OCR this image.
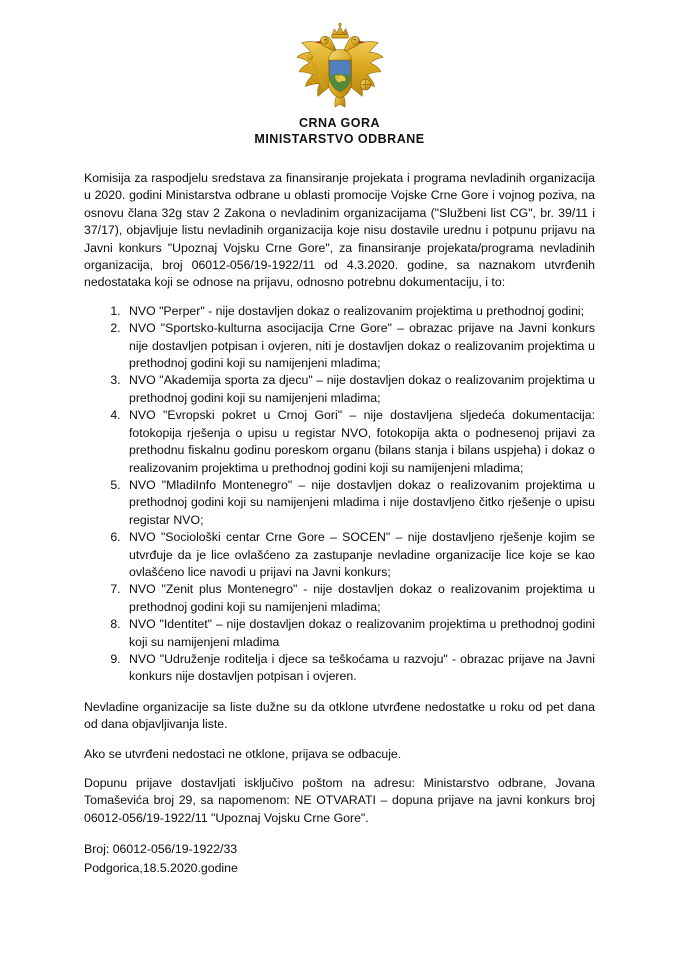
CRNA GORA
MINISTARSTVO ODBRANE

Komisija za raspodjelu sredstava za finansiranje projekata i programa nevladinih organizacija u 2020. godini Ministarstva odbrane u oblasti promocije Vojske Crne Gore i vojnog poziva, na osnovu člana 32g stav 2 Zakona o nevladinim organizacijama ("Službeni list CG", br. 39/11 i 37/17), objavljuje listu nevladinih organizacija koje nisu dostavile urednu i potpunu prijavu na Javni konkurs "Upoznaj Vojsku Crne Gore", za finansiranje projekata/programa nevladinih organizacija, broj 06012-056/19-1922/11 od 4.3.2020. godine, sa naznakom utvrđenih nedostataka koji se odnose na prijavu, odnosno potrebnu dokumentaciju, i to:

1. NVO "Perper" - nije dostavljen dokaz o realizovanim projektima u prethodnoj godini;
2. NVO "Sportsko-kulturna asocijacija Crne Gore" – obrazac prijave na Javni konkurs nije dostavljen potpisan i ovjeren, niti je dostavljen dokaz o realizovanim projektima u prethodnoj godini koji su namijenjeni mladima;
3. NVO "Akademija sporta za djecu" – nije dostavljen dokaz o realizovanim projektima u prethodnoj godini koji su namijenjeni mladima;
4. NVO "Evropski pokret u Crnoj Gori" – nije dostavljena sljedeća dokumentacija: fotokopija rješenja o upisu u registar NVO, fotokopija akta o podnesenoj prijavi za prethodnu fiskalnu godinu poreskom organu (bilans stanja i bilans uspjeha) i dokaz o realizovanim projektima u prethodnoj godini koji su namijenjeni mladima;
5. NVO "MladiInfo Montenegro" – nije dostavljen dokaz o realizovanim projektima u prethodnoj godini koji su namijenjeni mladima i nije dostavljeno čitko rješenje o upisu registar NVO;
6. NVO "Sociološki centar Crne Gore – SOCEN" – nije dostavljeno rješenje kojim se utvrđuje da je lice ovlašćeno za zastupanje nevladine organizacije lice koje se kao ovlašćeno lice navodi u prijavi na Javni konkurs;
7. NVO "Zenit plus Montenegro" - nije dostavljen dokaz o realizovanim projektima u prethodnoj godini koji su namijenjeni mladima;
8. NVO "Identitet" – nije dostavljen dokaz o realizovanim projektima u prethodnoj godini koji su namijenjeni mladima
9. NVO "Udruženje roditelja i djece sa teškoćama u razvoju" - obrazac prijave na Javni konkurs nije dostavljen potpisan i ovjeren.

Nevladine organizacije sa liste dužne su da otklone utvrđene nedostatke u roku od pet dana od dana objavljivanja liste.

Ako se utvrđeni nedostaci ne otklone, prijava se odbacuje.

Dopunu prijave dostavljati isključivo poštom na adresu: Ministarstvo odbrane, Jovana Tomaševića broj 29, sa napomenom: NE OTVARATI – dopuna prijave na javni konkurs broj 06012-056/19-1922/11 "Upoznaj Vojsku Crne Gore".

Broj: 06012-056/19-1922/33
Podgorica,18.5.2020.godine
